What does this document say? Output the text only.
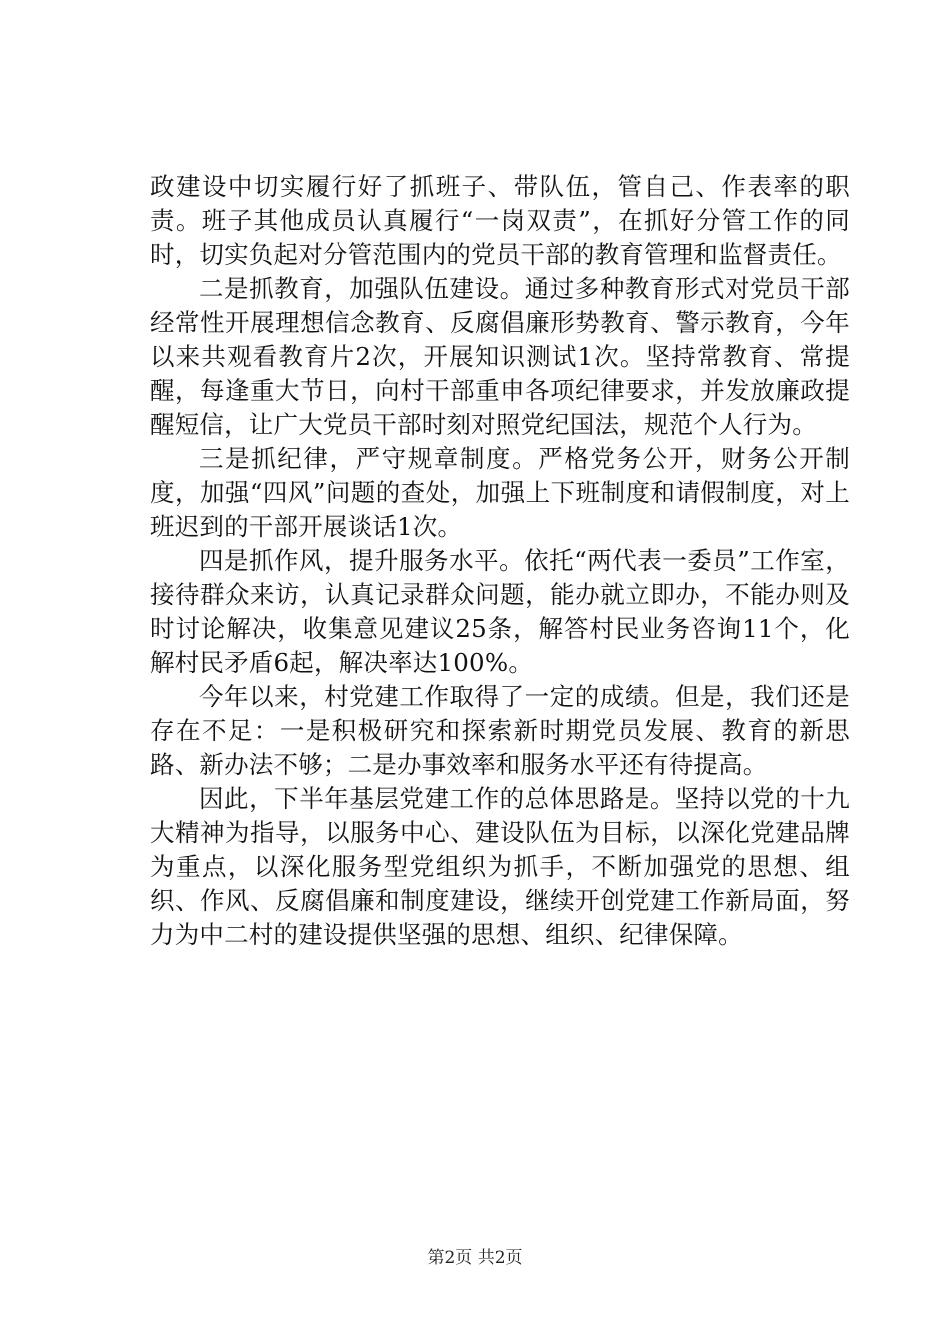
政建设中切实履行好了抓班子、带队伍，管自己、作表率的职责。班子其他成员认真履行“一岗双责”，在抓好分管工作的同时，切实负起对分管范围内的党员干部的教育管理和监督责任。

二是抓教育，加强队伍建设。通过多种教育形式对党员干部经常性开展理想信念教育、反腐倡廉形势教育、警示教育，今年以来共观看教育片2次，开展知识测试1次。坚持常教育、常提醒，每逢重大节日，向村干部重申各项纪律要求，并发放廉政提醒短信，让广大党员干部时刻对照党纪国法，规范个人行为。

三是抓纪律，严守规章制度。严格党务公开，财务公开制度，加强“四风”问题的查处，加强上下班制度和请假制度，对上班迟到的干部开展谈话1次。

四是抓作风，提升服务水平。依托“两代表一委员”工作室，接待群众来访，认真记录群众问题，能办就立即办，不能办则及时讨论解决，收集意见建议25条，解答村民业务咨询11个，化解村民矛盾6起，解决率达100%。

今年以来，村党建工作取得了一定的成绩。但是，我们还是存在不足：一是积极研究和探索新时期党员发展、教育的新思路、新办法不够；二是办事效率和服务水平还有待提高。

因此，下半年基层党建工作的总体思路是。坚持以党的十九大精神为指导，以服务中心、建设队伍为目标，以深化党建品牌为重点，以深化服务型党组织为抓手，不断加强党的思想、组织、作风、反腐倡廉和制度建设，继续开创党建工作新局面，努力为中二村的建设提供坚强的思想、组织、纪律保障。

第2页 共2页
